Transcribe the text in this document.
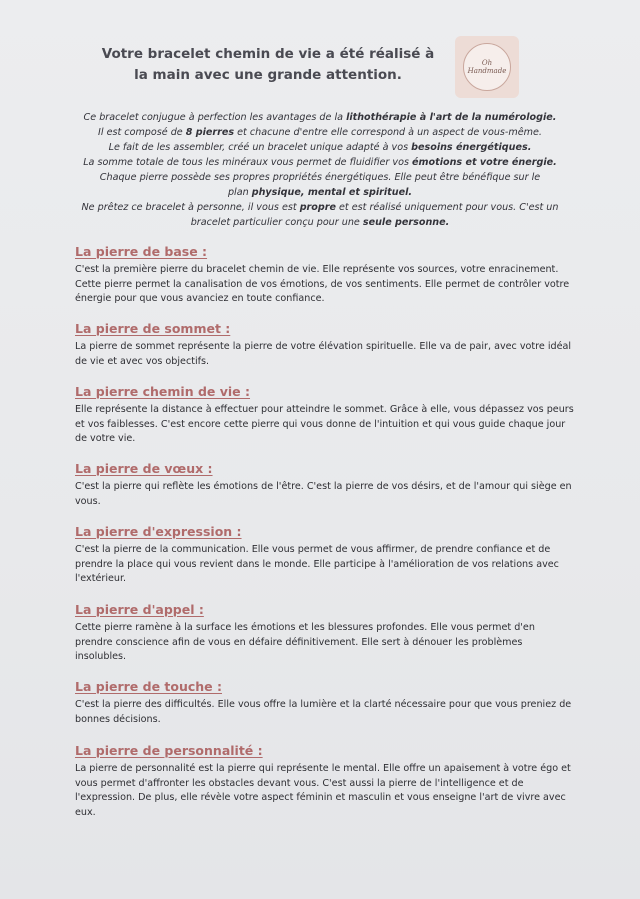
Votre bracelet chemin de vie a été réalisé à la main avec une grande attention.
Oh Handmade

Ce bracelet conjugue à perfection les avantages de la lithothérapie à l'art de la numérologie.

Il est composé de 8 pierres et chacune d'entre elle correspond à un aspect de vous-même.

Le fait de les assembler, créé un bracelet unique adapté à vos besoins énergétiques.

La somme totale de tous les minéraux vous permet de fluidifier vos émotions et votre énergie.

Chaque pierre possède ses propres propriétés énergétiques. Elle peut être bénéfique sur le

plan physique, mental et spirituel.

Ne prêtez ce bracelet à personne, il vous est propre et est réalisé uniquement pour vous. C'est un

bracelet particulier conçu pour une seule personne.

La pierre de base :

C'est la première pierre du bracelet chemin de vie. Elle représente vos sources, votre enracinement. Cette pierre permet la canalisation de vos émotions, de vos sentiments. Elle permet de contrôler votre énergie pour que vous avanciez en toute confiance.

La pierre de sommet :

La pierre de sommet représente la pierre de votre élévation spirituelle. Elle va de pair, avec votre idéal de vie et avec vos objectifs.

La pierre chemin de vie :

Elle représente la distance à effectuer pour atteindre le sommet. Grâce à elle, vous dépassez vos peurs et vos faiblesses. C'est encore cette pierre qui vous donne de l'intuition et qui vous guide chaque jour de votre vie.

La pierre de vœux :

C'est la pierre qui reflète les émotions de l'être. C'est la pierre de vos désirs, et de l'amour qui siège en vous.

La pierre d'expression :

C'est la pierre de la communication. Elle vous permet de vous affirmer, de prendre confiance et de prendre la place qui vous revient dans le monde. Elle participe à l'amélioration de vos relations avec l'extérieur.

La pierre d'appel :

Cette pierre ramène à la surface les émotions et les blessures profondes. Elle vous permet d'en prendre conscience afin de vous en défaire définitivement. Elle sert à dénouer les problèmes insolubles.

La pierre de touche :

C'est la pierre des difficultés. Elle vous offre la lumière et la clarté nécessaire pour que vous preniez de bonnes décisions.

La pierre de personnalité :

La pierre de personnalité est la pierre qui représente le mental. Elle offre un apaisement à votre égo et vous permet d'affronter les obstacles devant vous. C'est aussi la pierre de l'intelligence et de l'expression. De plus, elle révèle votre aspect féminin et masculin et vous enseigne l'art de vivre avec eux.
